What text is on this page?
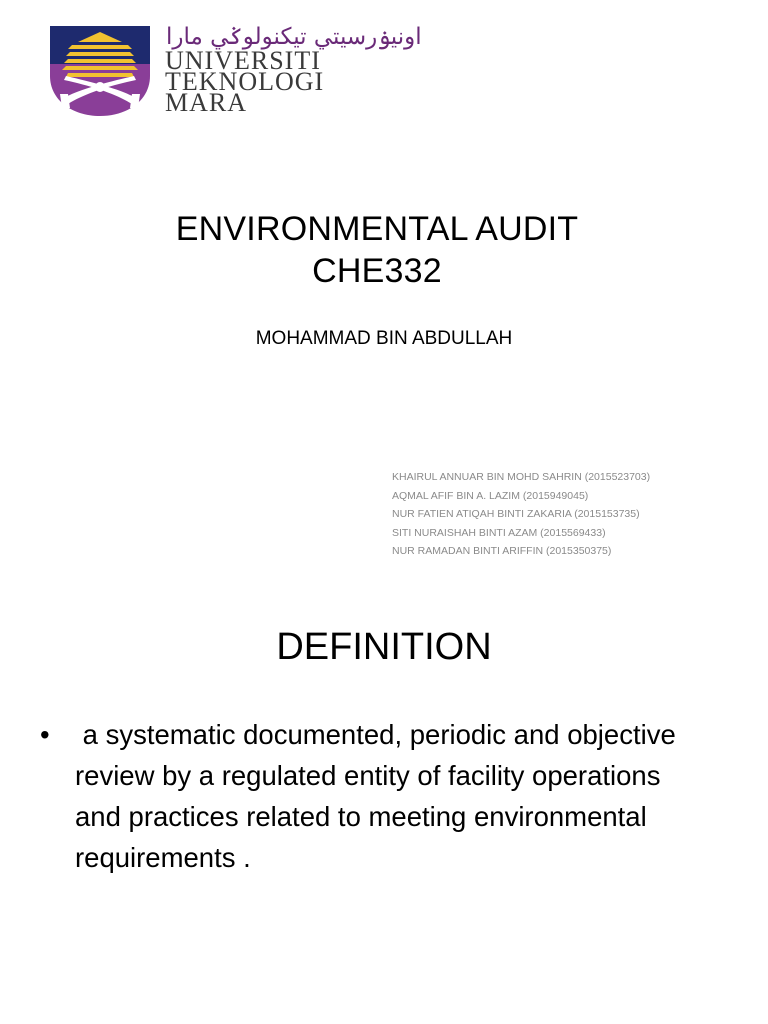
اونيۏرسيتي تيكنولوݢي مارا
UNIVERSITI
TEKNOLOGI
MARA
ENVIRONMENTAL AUDIT
CHE332
MOHAMMAD BIN ABDULLAH
KHAIRUL ANNUAR BIN MOHD SAHRIN (2015523703)
AQMAL AFIF BIN A. LAZIM (2015949045)
NUR FATIEN ATIQAH BINTI ZAKARIA (2015153735)
SITI NURAISHAH BINTI AZAM (2015569433)
NUR RAMADAN BINTI ARIFFIN (2015350375)
DEFINITION
• a systematic documented, periodic and objective review by a regulated entity of facility operations and practices related to meeting environmental requirements .
